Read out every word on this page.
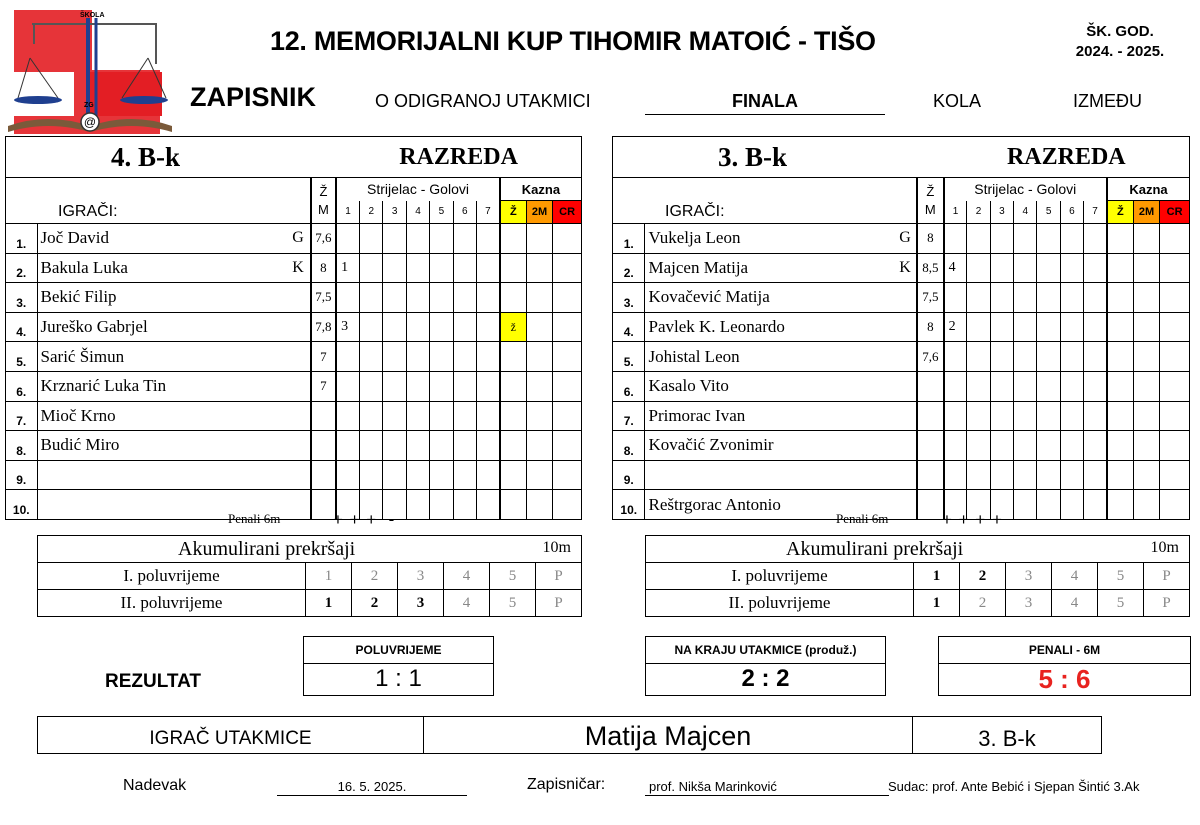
@
ŠKOLA
ZG
12. MEMORIJALNI KUP TIHOMIR MATOIĆ - TIŠO	ŠK. GOD.
2024. - 2025.
ZAPISNIK	O ODIGRANOJ UTAKMICI	FINALA	KOLA	IZMEĐU
4. B-k				RAZREDA									
IGRAČI:			Ž
M	Strijelac - Golovi							Kazna		
				1	2	3	4	5	6	7	Ž	2M	CR
1.	Joč David	G	7,6										
2.	Bakula Luka	K	8	1									
3.	Bekić Filip		7,5										
4.	Jureško Gabrjel		7,8	3							ž		
5.	Sarić Šimun		7										
6.	Krznarić Luka Tin		7										
7.	Mioč Krno												
8.	Budić Miro												
9.													
10.													
3. B-k				RAZREDA									
IGRAČI:			Ž
M	Strijelac - Golovi							Kazna		
				1	2	3	4	5	6	7	Ž	2M	CR
1.	Vukelja Leon	G	8										
2.	Majcen Matija	K	8,5	4									
3.	Kovačević Matija		7,5										
4.	Pavlek K. Leonardo		8	2									
5.	Johistal Leon		7,6										
6.	Kasalo Vito												
7.	Primorac Ivan												
8.	Kovačić Zvonimir												
9.													
10.	Reštrgorac Antonio												
Penali 6m	+ + +  -	Penali 6m	+ + + +
Akumulirani prekršaji 10m						

I. poluvrijeme	1	2	3	4	5	P
II. poluvrijeme	1	2	3	4	5	P
Akumulirani prekršaji 10m						

I. poluvrijeme	1	2	3	4	5	P
II. poluvrijeme	1	2	3	4	5	P
REZULTAT
POLUVRIJEME
1 : 1
NA KRAJU UTAKMICE (produž.)
2 : 2
PENALI - 6M
5 : 6
IGRAČ UTAKMICE	Matija Majcen	3. B-k
Nadevak	16. 5. 2025.	Zapisničar:	prof. Nikša Marinković	Sudac: prof. Ante Bebić i Sjepan Šintić 3.Ak
